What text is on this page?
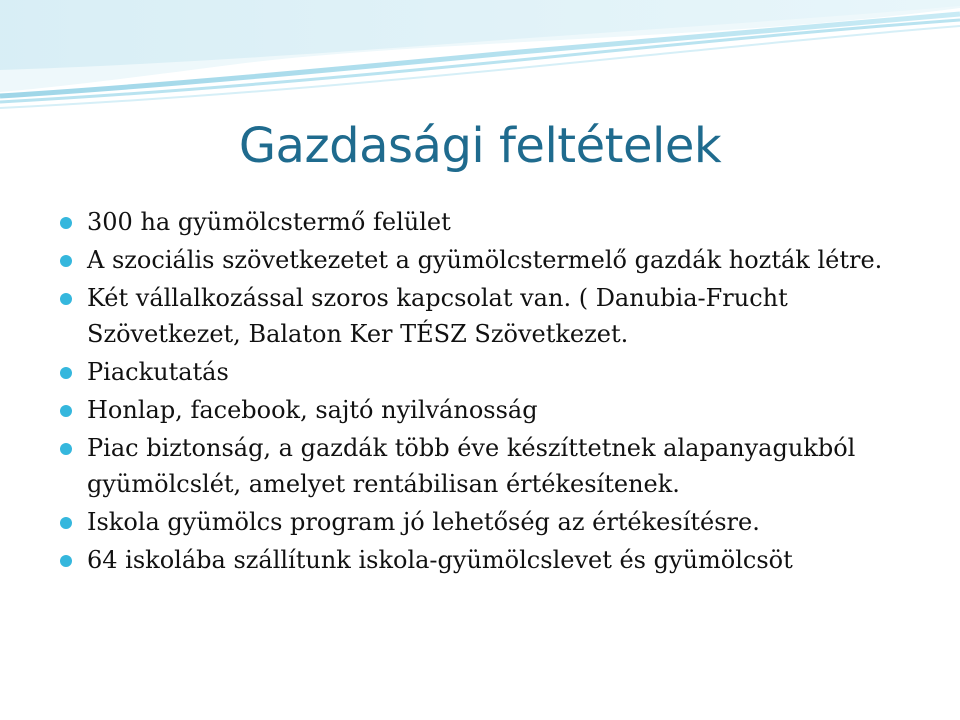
Gazdasági feltételek
300 ha gyümölcstermő felület
A szociális szövetkezetet a gyümölcstermelő gazdák hozták létre.
Két vállalkozással szoros kapcsolat van. ( Danubia-Frucht Szövetkezet, Balaton Ker TÉSZ Szövetkezet.
Piackutatás
Honlap, facebook, sajtó nyilvánosság
Piac biztonság, a gazdák több éve készíttetnek alapanyagukból gyümölcslét, amelyet rentábilisan értékesítenek.
Iskola gyümölcs program jó lehetőség az értékesítésre.
64 iskolába szállítunk iskola-gyümölcslevet és gyümölcsöt
